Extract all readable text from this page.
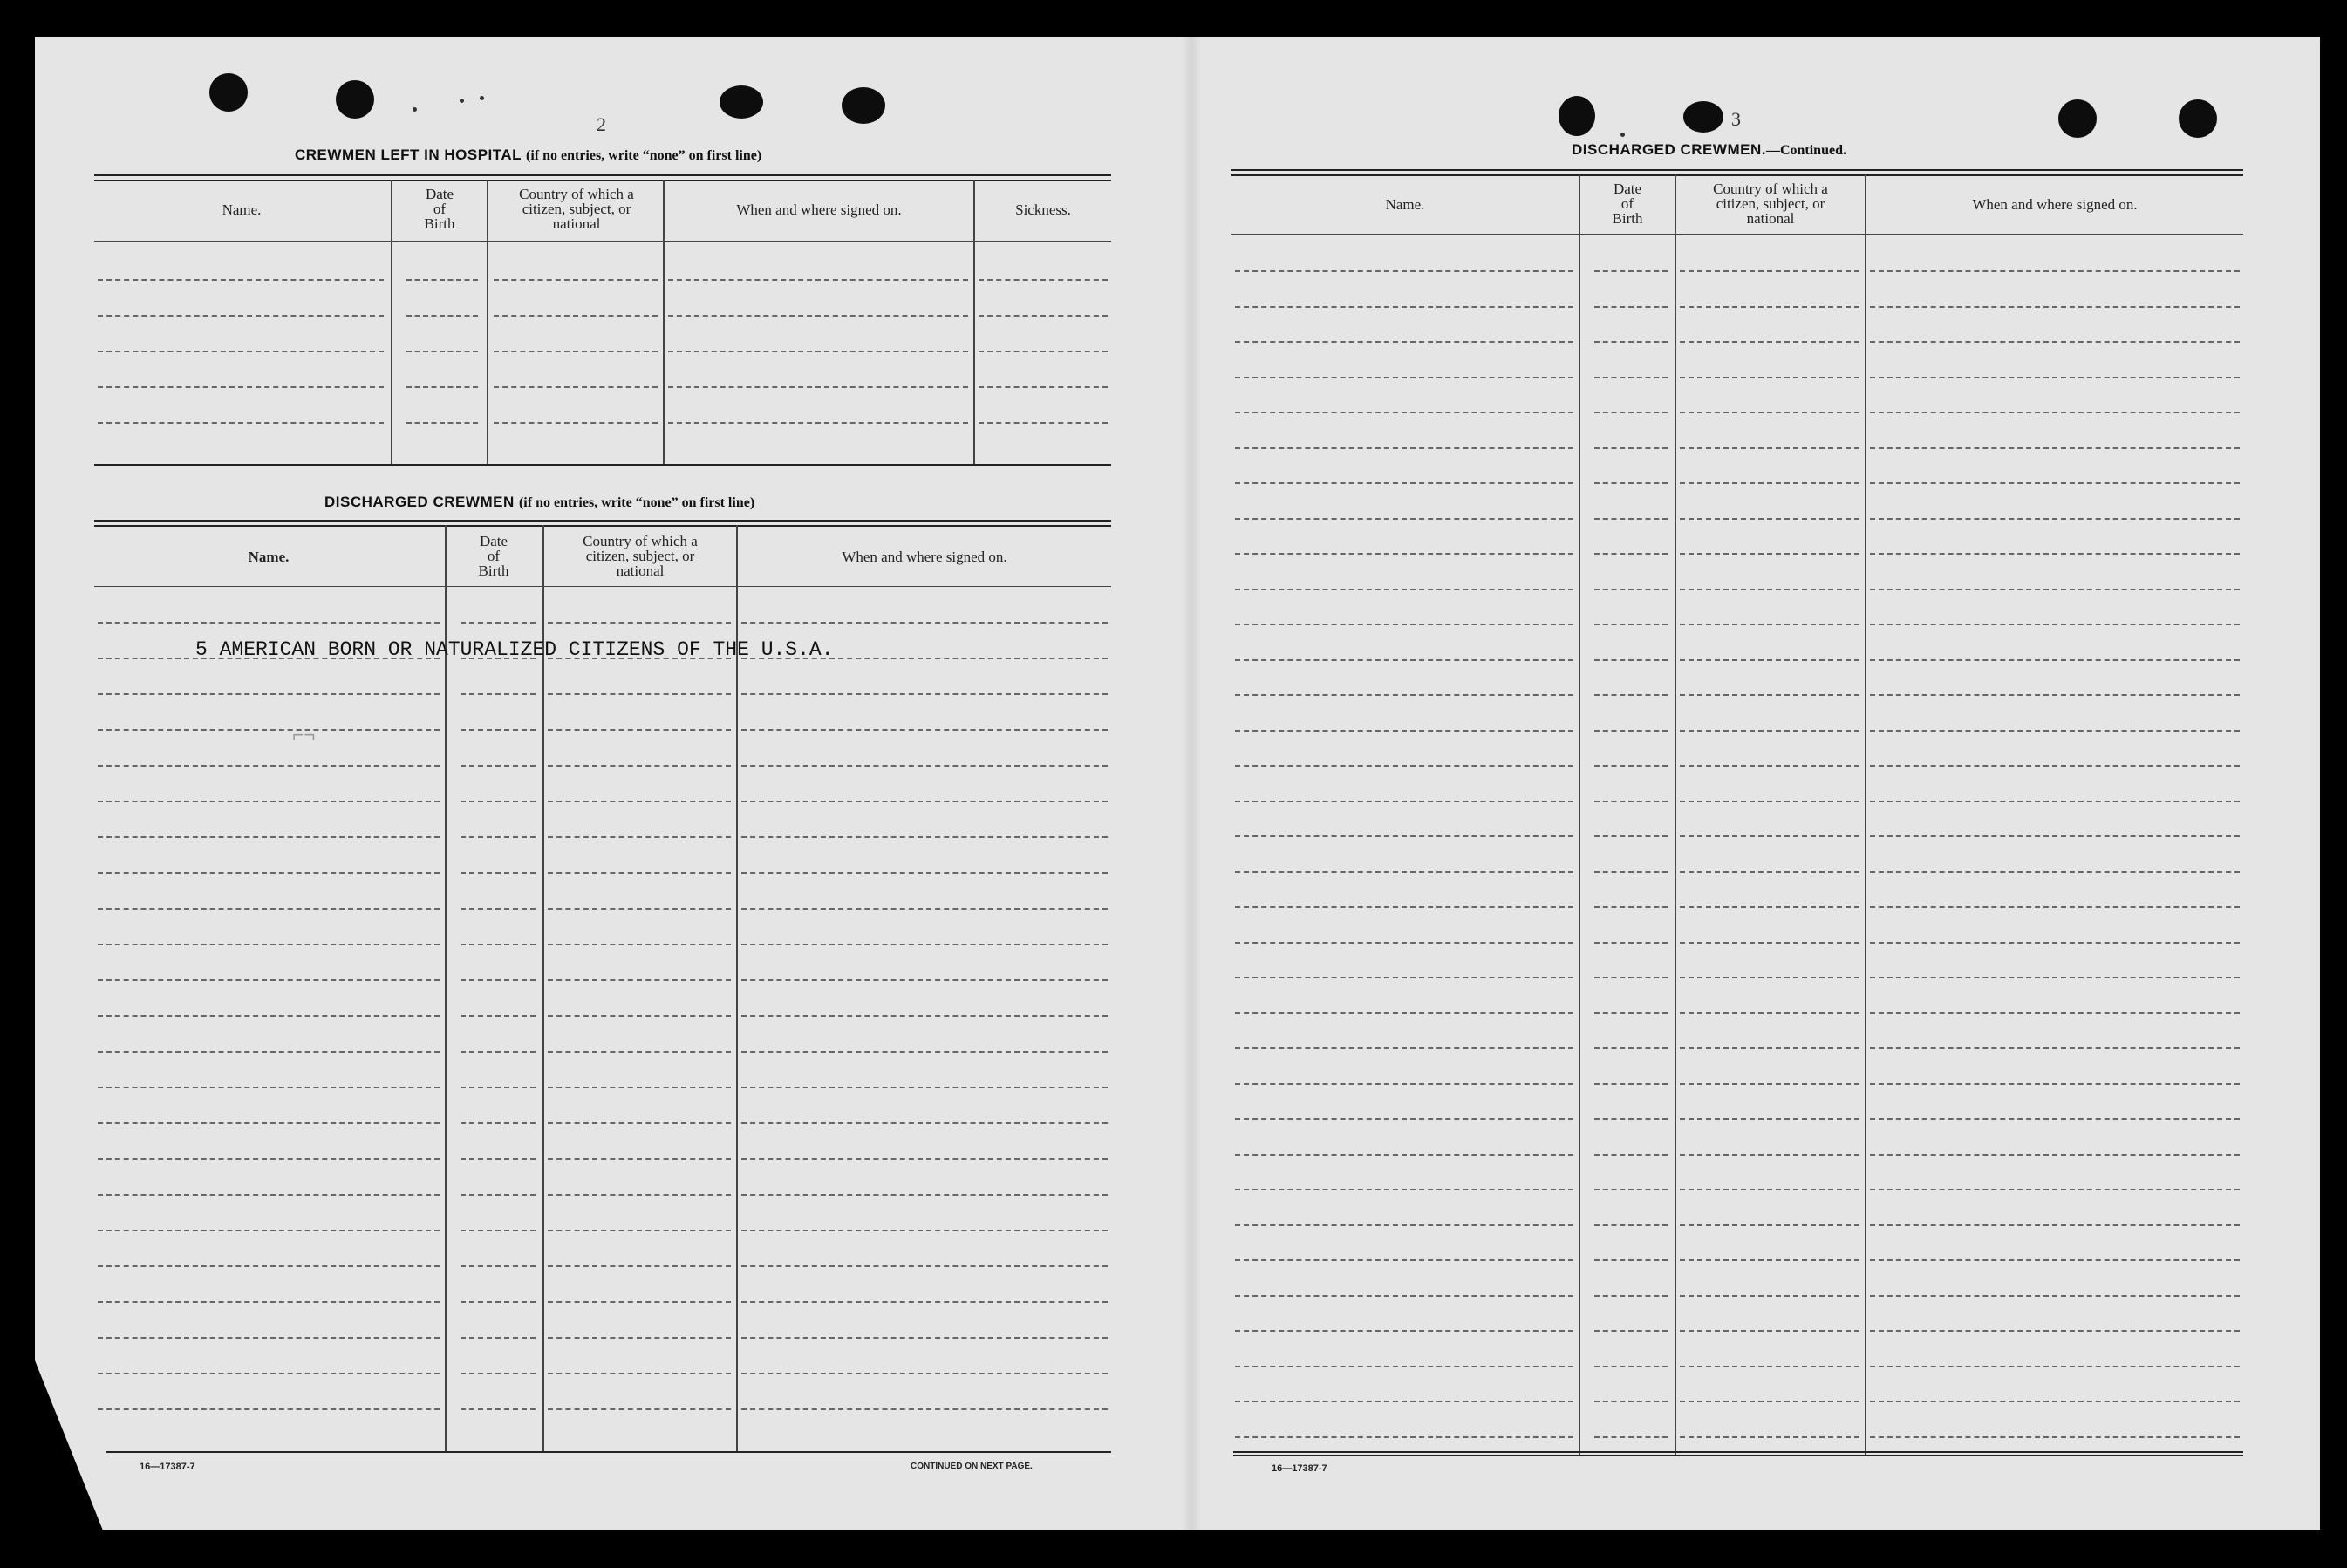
2
CREWMEN LEFT IN HOSPITAL (if no entries, write “none” on first line)
Name.
Date
of
Birth
Country of which a
citizen, subject, or
national
When and where signed on.	Sickness.
DISCHARGED CREWMEN (if no entries, write “none” on first line)
Name.
Date
of
Birth
Country of which a
citizen, subject, or
national
When and where signed on.
5 AMERICAN BORN OR NATURALIZED CITIZENS OF THE U.S.A.
⌐¬
16—17387-7	CONTINUED ON NEXT PAGE.
3
DISCHARGED CREWMEN.—Continued.
Name.
Date
of
Birth
Country of which a
citizen, subject, or
national
When and where signed on.
16—17387-7
